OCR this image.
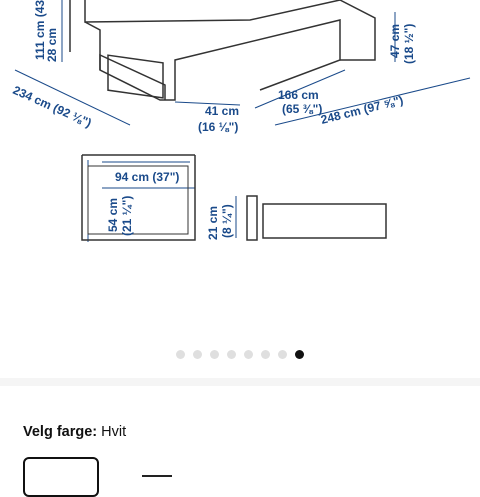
111 cm (43
28 cm
234 cm (92 ⅛")	166 cm
(65 ⅜")
41 cm
(16 ⅛")
248 cm (97 ⅝")
47 cm (18 ½")
94 cm (37")
54 cm (21 ¼")	21 cm (8 ¼")
Velg farge: Hvit
